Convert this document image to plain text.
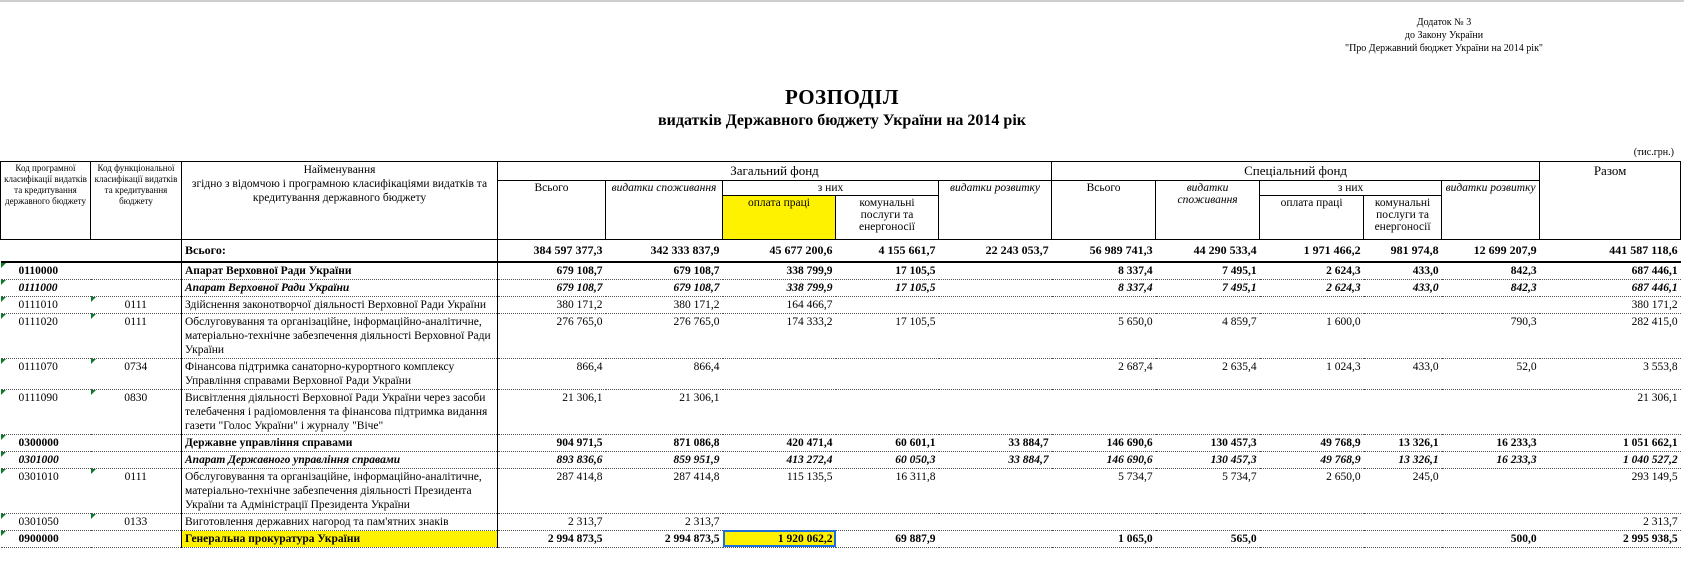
Додаток № 3
до Закону України
"Про Державний бюджет України на 2014 рік"
РОЗПОДІЛ
видатків Державного бюджету України на 2014 рік
(тис.грн.)
Код програмної класифікації видатків та кредитування державного бюджету	Код функціональної класифікації видатків та кредитування бюджету	Найменування
згідно з відомчою і програмною класифікаціями видатків та кредитування державного бюджету	Загальний фонд					Спеціальний фонд					Разом
			Всього	видатки споживання	з них		видатки розвитку	Всього	видатки споживання	з них		видатки розвитку	
					оплата праці	комунальні послуги та енергоносії				оплата праці	комунальні послуги та енергоносії		
		Всього:	384 597 377,3	342 333 837,9	45 677 200,6	4 155 661,7	22 243 053,7	56 989 741,3	44 290 533,4	1 971 466,2	981 974,8	12 699 207,9	441 587 118,6
0110000		Апарат Верховної Ради України	679 108,7	679 108,7	338 799,9	17 105,5		8 337,4	7 495,1	2 624,3	433,0	842,3	687 446,1
0111000		Апарат Верховної Ради України	679 108,7	679 108,7	338 799,9	17 105,5		8 337,4	7 495,1	2 624,3	433,0	842,3	687 446,1
0111010	0111	Здійснення законотворчої діяльності Верховної Ради України	380 171,2	380 171,2	164 466,7								380 171,2
0111020	0111	Обслуговування та організаційне, інформаційно-аналітичне, матеріально-технічне забезпечення діяльності Верховної Ради України	276 765,0	276 765,0	174 333,2	17 105,5		5 650,0	4 859,7	1 600,0		790,3	282 415,0
0111070	0734	Фінансова підтримка санаторно-курортного комплексу Управління справами Верховної Ради України	866,4	866,4				2 687,4	2 635,4	1 024,3	433,0	52,0	3 553,8
0111090	0830	Висвітлення діяльності Верховної Ради України через засоби телебачення і радіомовлення та фінансова підтримка видання газети "Голос України" і журналу "Віче"	21 306,1	21 306,1									21 306,1
0300000		Державне управління справами	904 971,5	871 086,8	420 471,4	60 601,1	33 884,7	146 690,6	130 457,3	49 768,9	13 326,1	16 233,3	1 051 662,1
0301000		Апарат Державного управління справами	893 836,6	859 951,9	413 272,4	60 050,3	33 884,7	146 690,6	130 457,3	49 768,9	13 326,1	16 233,3	1 040 527,2
0301010	0111	Обслуговування та організаційне, інформаційно-аналітичне, матеріально-технічне забезпечення діяльності Президента України та Адміністрації Президента України	287 414,8	287 414,8	115 135,5	16 311,8		5 734,7	5 734,7	2 650,0	245,0		293 149,5
0301050	0133	Виготовлення державних нагород та пам'ятних знаків	2 313,7	2 313,7									2 313,7
0900000		Генеральна прокуратура України	2 994 873,5	2 994 873,5	1 920 062,2	69 887,9		1 065,0	565,0			500,0	2 995 938,5
